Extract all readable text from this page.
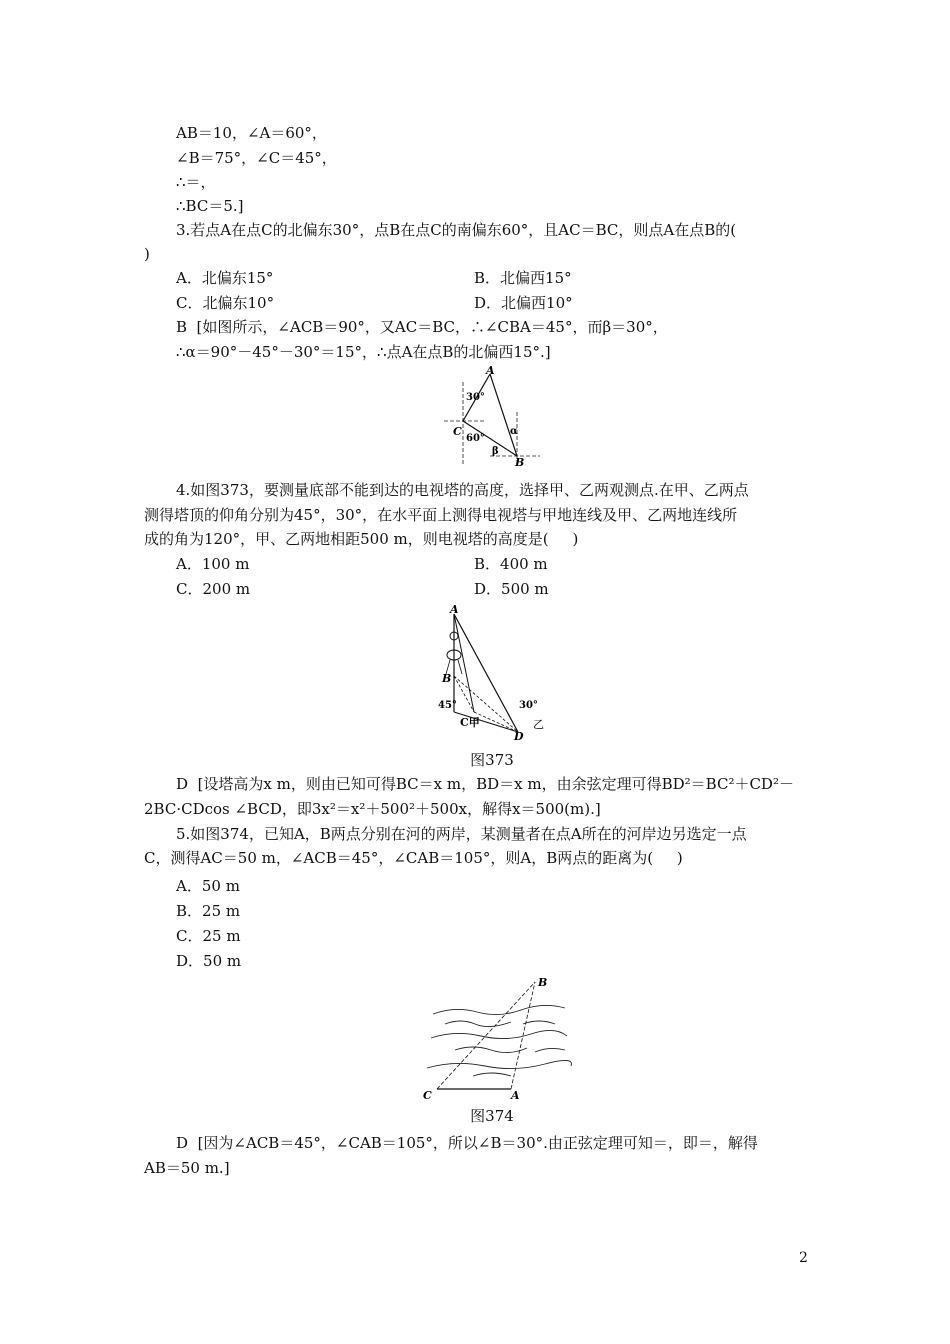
AB＝10，∠A＝60°，
∠B＝75°，∠C＝45°，
∴＝，
∴BC＝5.]
3.若点A在点C的北偏东30°，点B在点C的南偏东60°，且AC＝BC，则点A在点B的(
)
A．北偏东15°	B．北偏西15°
C．北偏东10°	D．北偏西10°
B  [如图所示，∠ACB＝90°，又AC＝BC，∴∠CBA＝45°，而β＝30°，
∴α＝90°－45°－30°＝15°，∴点A在点B的北偏西15°.]
A
C
B
30°
60°
α
β
4.如图373，要测量底部不能到达的电视塔的高度，选择甲、乙两观测点.在甲、乙两点
测得塔顶的仰角分别为45°，30°，在水平面上测得电视塔与甲地连线及甲、乙两地连线所
成的角为120°，甲、乙两地相距500 m，则电视塔的高度是(     )
A．100 m	B．400 m
C．200 m	D．500 m
A
B
C甲
D
乙
45°	30°
图373
D  [设塔高为x m，则由已知可得BC＝x m，BD＝x m，由余弦定理可得BD²＝BC²＋CD²－
2BC·CDcos ∠BCD，即3x²＝x²＋500²＋500x，解得x＝500(m).]
5.如图374，已知A，B两点分别在河的两岸，某测量者在点A所在的河岸边另选定一点
C，测得AC＝50 m，∠ACB＝45°，∠CAB＝105°，则A，B两点的距离为(     )
A．50 m
B．25 m
C．25 m
D．50 m
B
C	A
图374
D  [因为∠ACB＝45°，∠CAB＝105°，所以∠B＝30°.由正弦定理可知＝，即＝，解得
AB＝50 m.]
2
